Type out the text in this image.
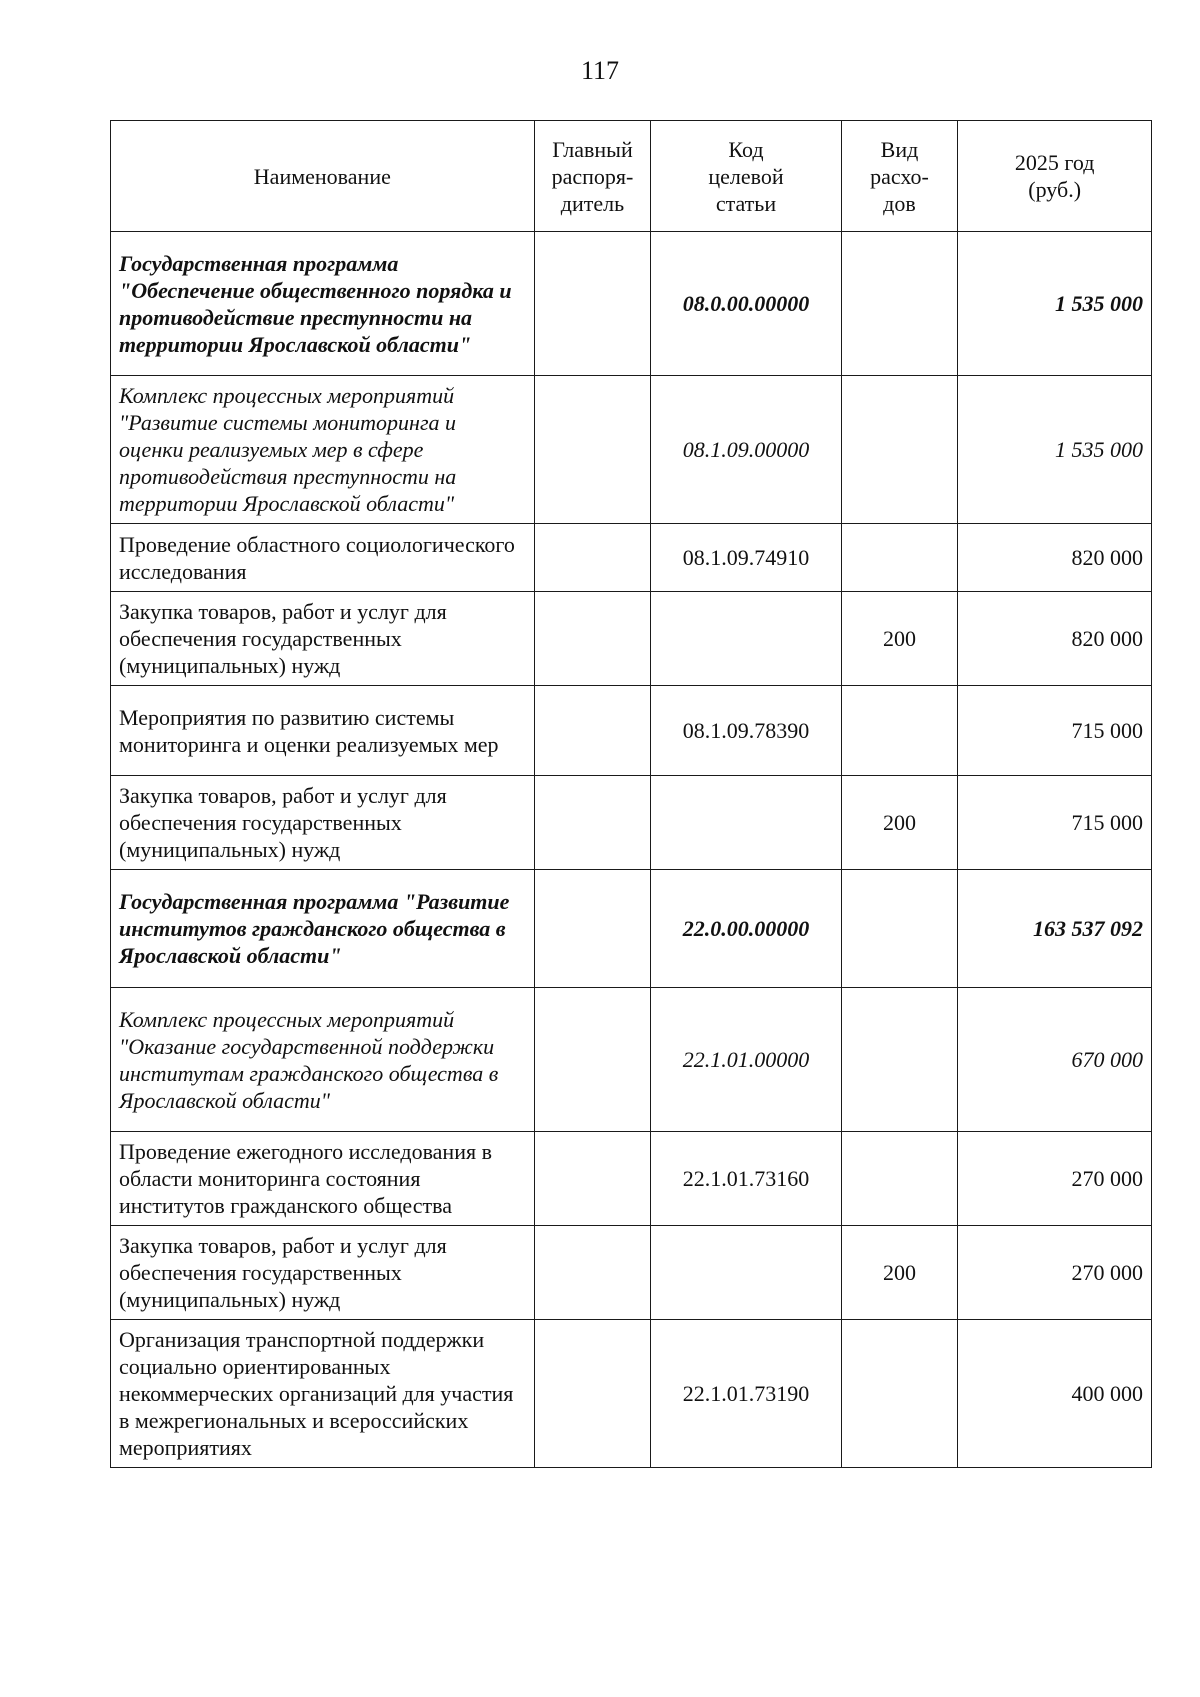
117
Наименование	Главный распоря-дитель	Код целевой статьи	Вид расхо-дов	2025 год (руб.)

Государственная программа "Обеспечение общественного порядка и противодействие преступности на территории Ярославской области"		08.0.00.00000		1 535 000
Комплекс процессных мероприятий "Развитие системы мониторинга и оценки реализуемых мер в сфере противодействия преступности на территории Ярославской области"		08.1.09.00000		1 535 000
Проведение областного социологического исследования		08.1.09.74910		820 000
Закупка товаров, работ и услуг для обеспечения государственных (муниципальных) нужд			200	820 000
Мероприятия по развитию системы мониторинга и оценки реализуемых мер		08.1.09.78390		715 000
Закупка товаров, работ и услуг для обеспечения государственных (муниципальных) нужд			200	715 000
Государственная программа "Развитие институтов гражданского общества в Ярославской области"		22.0.00.00000		163 537 092
Комплекс процессных мероприятий "Оказание государственной поддержки институтам гражданского общества в Ярославской области"		22.1.01.00000		670 000
Проведение ежегодного исследования в области мониторинга состояния институтов гражданского общества		22.1.01.73160		270 000
Закупка товаров, работ и услуг для обеспечения государственных (муниципальных) нужд			200	270 000
Организация транспортной поддержки социально ориентированных некоммерческих организаций для участия в межрегиональных и всероссийских мероприятиях		22.1.01.73190		400 000
